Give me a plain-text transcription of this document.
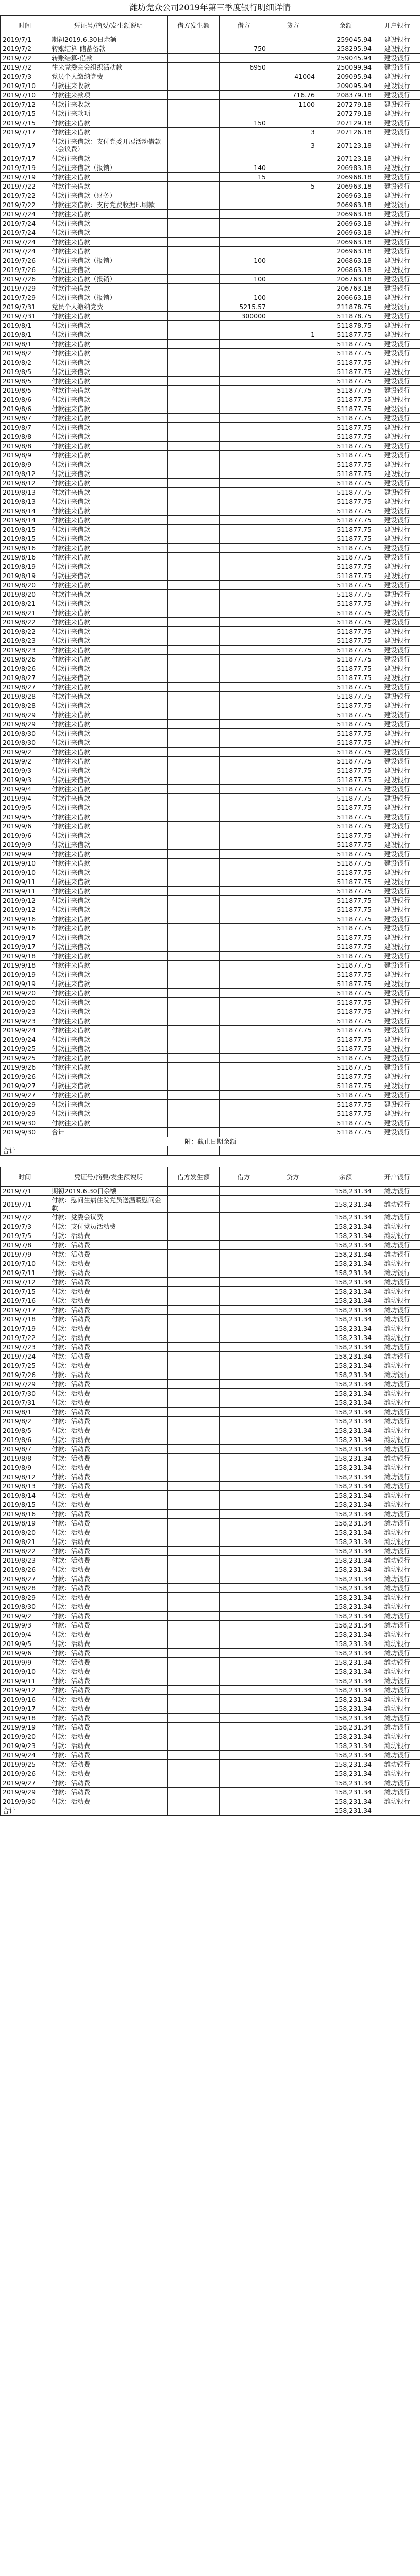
潍坊党众公司2019年第三季度银行明细详情
时间	凭证号/摘要/发生额说明	借方发生额	借方	贷方	余额	开户银行
2019/7/1	期初2019.6.30日余额				259045.94	建设银行
2019/7/2	转账结算-储蓄备款		750		258295.94	建设银行
2019/7/2	转账结算-借款				259045.94	建设银行
2019/7/2	往来党委会会组织活动款		6950		250099.94	建设银行
2019/7/3	党员个人缴纳党费			41004	209095.94	建设银行
2019/7/10	付款往来收款				209095.94	建设银行
2019/7/10	付款往来款项			716.76	208379.18	建设银行
2019/7/12	付款往来收款			1100	207279.18	建设银行
2019/7/15	付款往来款项				207279.18	建设银行
2019/7/15	付款往来借款		150		207129.18	建设银行
2019/7/17	付款往来借款			3	207126.18	建设银行
2019/7/17	付款往来借款：支付党委开展活动借款（会议费）			3	207123.18	建设银行
2019/7/17	付款往来借款				207123.18	建设银行
2019/7/19	付款往来借款（报销）		140		206983.18	建设银行
2019/7/19	付款往来借款		15		206968.18	建设银行
2019/7/22	付款往来借款			5	206963.18	建设银行
2019/7/22	付款往来借款（财务）				206963.18	建设银行
2019/7/22	付款往来借款：支付党费收据印刷款				206963.18	建设银行
2019/7/24	付款往来借款				206963.18	建设银行
2019/7/24	付款往来借款				206963.18	建设银行
2019/7/24	付款往来借款				206963.18	建设银行
2019/7/24	付款往来借款				206963.18	建设银行
2019/7/24	付款往来借款				206963.18	建设银行
2019/7/26	付款往来借款（报销）		100		206863.18	建设银行
2019/7/26	付款往来借款				206863.18	建设银行
2019/7/26	付款往来借款（报销）		100		206763.18	建设银行
2019/7/29	付款往来借款				206763.18	建设银行
2019/7/29	付款往来借款（报销）		100		206663.18	建设银行
2019/7/31	党员个人缴纳党费		5215.57		211878.75	建设银行
2019/7/31	付款往来借款		300000		511878.75	建设银行
2019/8/1	付款往来借款				511878.75	建设银行
2019/8/1	付款往来借款			1	511877.75	建设银行
2019/8/1	付款往来借款				511877.75	建设银行
2019/8/2	付款往来借款				511877.75	建设银行
2019/8/2	付款往来借款				511877.75	建设银行
2019/8/5	付款往来借款				511877.75	建设银行
2019/8/5	付款往来借款				511877.75	建设银行
2019/8/5	付款往来借款				511877.75	建设银行
2019/8/6	付款往来借款				511877.75	建设银行
2019/8/6	付款往来借款				511877.75	建设银行
2019/8/7	付款往来借款				511877.75	建设银行
2019/8/7	付款往来借款				511877.75	建设银行
2019/8/8	付款往来借款				511877.75	建设银行
2019/8/8	付款往来借款				511877.75	建设银行
2019/8/9	付款往来借款				511877.75	建设银行
2019/8/9	付款往来借款				511877.75	建设银行
2019/8/12	付款往来借款				511877.75	建设银行
2019/8/12	付款往来借款				511877.75	建设银行
2019/8/13	付款往来借款				511877.75	建设银行
2019/8/13	付款往来借款				511877.75	建设银行
2019/8/14	付款往来借款				511877.75	建设银行
2019/8/14	付款往来借款				511877.75	建设银行
2019/8/15	付款往来借款				511877.75	建设银行
2019/8/15	付款往来借款				511877.75	建设银行
2019/8/16	付款往来借款				511877.75	建设银行
2019/8/16	付款往来借款				511877.75	建设银行
2019/8/19	付款往来借款				511877.75	建设银行
2019/8/19	付款往来借款				511877.75	建设银行
2019/8/20	付款往来借款				511877.75	建设银行
2019/8/20	付款往来借款				511877.75	建设银行
2019/8/21	付款往来借款				511877.75	建设银行
2019/8/21	付款往来借款				511877.75	建设银行
2019/8/22	付款往来借款				511877.75	建设银行
2019/8/22	付款往来借款				511877.75	建设银行
2019/8/23	付款往来借款				511877.75	建设银行
2019/8/23	付款往来借款				511877.75	建设银行
2019/8/26	付款往来借款				511877.75	建设银行
2019/8/26	付款往来借款				511877.75	建设银行
2019/8/27	付款往来借款				511877.75	建设银行
2019/8/27	付款往来借款				511877.75	建设银行
2019/8/28	付款往来借款				511877.75	建设银行
2019/8/28	付款往来借款				511877.75	建设银行
2019/8/29	付款往来借款				511877.75	建设银行
2019/8/29	付款往来借款				511877.75	建设银行
2019/8/30	付款往来借款				511877.75	建设银行
2019/8/30	付款往来借款				511877.75	建设银行
2019/9/2	付款往来借款				511877.75	建设银行
2019/9/2	付款往来借款				511877.75	建设银行
2019/9/3	付款往来借款				511877.75	建设银行
2019/9/3	付款往来借款				511877.75	建设银行
2019/9/4	付款往来借款				511877.75	建设银行
2019/9/4	付款往来借款				511877.75	建设银行
2019/9/5	付款往来借款				511877.75	建设银行
2019/9/5	付款往来借款				511877.75	建设银行
2019/9/6	付款往来借款				511877.75	建设银行
2019/9/6	付款往来借款				511877.75	建设银行
2019/9/9	付款往来借款				511877.75	建设银行
2019/9/9	付款往来借款				511877.75	建设银行
2019/9/10	付款往来借款				511877.75	建设银行
2019/9/10	付款往来借款				511877.75	建设银行
2019/9/11	付款往来借款				511877.75	建设银行
2019/9/11	付款往来借款				511877.75	建设银行
2019/9/12	付款往来借款				511877.75	建设银行
2019/9/12	付款往来借款				511877.75	建设银行
2019/9/16	付款往来借款				511877.75	建设银行
2019/9/16	付款往来借款				511877.75	建设银行
2019/9/17	付款往来借款				511877.75	建设银行
2019/9/17	付款往来借款				511877.75	建设银行
2019/9/18	付款往来借款				511877.75	建设银行
2019/9/18	付款往来借款				511877.75	建设银行
2019/9/19	付款往来借款				511877.75	建设银行
2019/9/19	付款往来借款				511877.75	建设银行
2019/9/20	付款往来借款				511877.75	建设银行
2019/9/20	付款往来借款				511877.75	建设银行
2019/9/23	付款往来借款				511877.75	建设银行
2019/9/23	付款往来借款				511877.75	建设银行
2019/9/24	付款往来借款				511877.75	建设银行
2019/9/24	付款往来借款				511877.75	建设银行
2019/9/25	付款往来借款				511877.75	建设银行
2019/9/25	付款往来借款				511877.75	建设银行
2019/9/26	付款往来借款				511877.75	建设银行
2019/9/26	付款往来借款				511877.75	建设银行
2019/9/27	付款往来借款				511877.75	建设银行
2019/9/27	付款往来借款				511877.75	建设银行
2019/9/29	付款往来借款				511877.75	建设银行
2019/9/29	付款往来借款				511877.75	建设银行
2019/9/30	付款往来借款				511877.75	建设银行
2019/9/30	合计				511877.75	建设银行
附：截止日期余额						
合计						
时间	凭证号/摘要/发生额说明	借方发生额	借方	贷方	余额	开户银行
2019/7/1	期初2019.6.30日余额				158,231.34	潍坊银行
2019/7/1	付款：慰问生病住院党员送温暖慰问金款				158,231.34	潍坊银行
2019/7/2	付款：党委会议费				158,231.34	潍坊银行
2019/7/3	付款：支付党员活动费				158,231.34	潍坊银行
2019/7/5	付款：活动费				158,231.34	潍坊银行
2019/7/8	付款：活动费				158,231.34	潍坊银行
2019/7/9	付款：活动费				158,231.34	潍坊银行
2019/7/10	付款：活动费				158,231.34	潍坊银行
2019/7/11	付款：活动费				158,231.34	潍坊银行
2019/7/12	付款：活动费				158,231.34	潍坊银行
2019/7/15	付款：活动费				158,231.34	潍坊银行
2019/7/16	付款：活动费				158,231.34	潍坊银行
2019/7/17	付款：活动费				158,231.34	潍坊银行
2019/7/18	付款：活动费				158,231.34	潍坊银行
2019/7/19	付款：活动费				158,231.34	潍坊银行
2019/7/22	付款：活动费				158,231.34	潍坊银行
2019/7/23	付款：活动费				158,231.34	潍坊银行
2019/7/24	付款：活动费				158,231.34	潍坊银行
2019/7/25	付款：活动费				158,231.34	潍坊银行
2019/7/26	付款：活动费				158,231.34	潍坊银行
2019/7/29	付款：活动费				158,231.34	潍坊银行
2019/7/30	付款：活动费				158,231.34	潍坊银行
2019/7/31	付款：活动费				158,231.34	潍坊银行
2019/8/1	付款：活动费				158,231.34	潍坊银行
2019/8/2	付款：活动费				158,231.34	潍坊银行
2019/8/5	付款：活动费				158,231.34	潍坊银行
2019/8/6	付款：活动费				158,231.34	潍坊银行
2019/8/7	付款：活动费				158,231.34	潍坊银行
2019/8/8	付款：活动费				158,231.34	潍坊银行
2019/8/9	付款：活动费				158,231.34	潍坊银行
2019/8/12	付款：活动费				158,231.34	潍坊银行
2019/8/13	付款：活动费				158,231.34	潍坊银行
2019/8/14	付款：活动费				158,231.34	潍坊银行
2019/8/15	付款：活动费				158,231.34	潍坊银行
2019/8/16	付款：活动费				158,231.34	潍坊银行
2019/8/19	付款：活动费				158,231.34	潍坊银行
2019/8/20	付款：活动费				158,231.34	潍坊银行
2019/8/21	付款：活动费				158,231.34	潍坊银行
2019/8/22	付款：活动费				158,231.34	潍坊银行
2019/8/23	付款：活动费				158,231.34	潍坊银行
2019/8/26	付款：活动费				158,231.34	潍坊银行
2019/8/27	付款：活动费				158,231.34	潍坊银行
2019/8/28	付款：活动费				158,231.34	潍坊银行
2019/8/29	付款：活动费				158,231.34	潍坊银行
2019/8/30	付款：活动费				158,231.34	潍坊银行
2019/9/2	付款：活动费				158,231.34	潍坊银行
2019/9/3	付款：活动费				158,231.34	潍坊银行
2019/9/4	付款：活动费				158,231.34	潍坊银行
2019/9/5	付款：活动费				158,231.34	潍坊银行
2019/9/6	付款：活动费				158,231.34	潍坊银行
2019/9/9	付款：活动费				158,231.34	潍坊银行
2019/9/10	付款：活动费				158,231.34	潍坊银行
2019/9/11	付款：活动费				158,231.34	潍坊银行
2019/9/12	付款：活动费				158,231.34	潍坊银行
2019/9/16	付款：活动费				158,231.34	潍坊银行
2019/9/17	付款：活动费				158,231.34	潍坊银行
2019/9/18	付款：活动费				158,231.34	潍坊银行
2019/9/19	付款：活动费				158,231.34	潍坊银行
2019/9/20	付款：活动费				158,231.34	潍坊银行
2019/9/23	付款：活动费				158,231.34	潍坊银行
2019/9/24	付款：活动费				158,231.34	潍坊银行
2019/9/25	付款：活动费				158,231.34	潍坊银行
2019/9/26	付款：活动费				158,231.34	潍坊银行
2019/9/27	付款：活动费				158,231.34	潍坊银行
2019/9/29	付款：活动费				158,231.34	潍坊银行
2019/9/30	付款：活动费				158,231.34	潍坊银行
合计					158,231.34	
